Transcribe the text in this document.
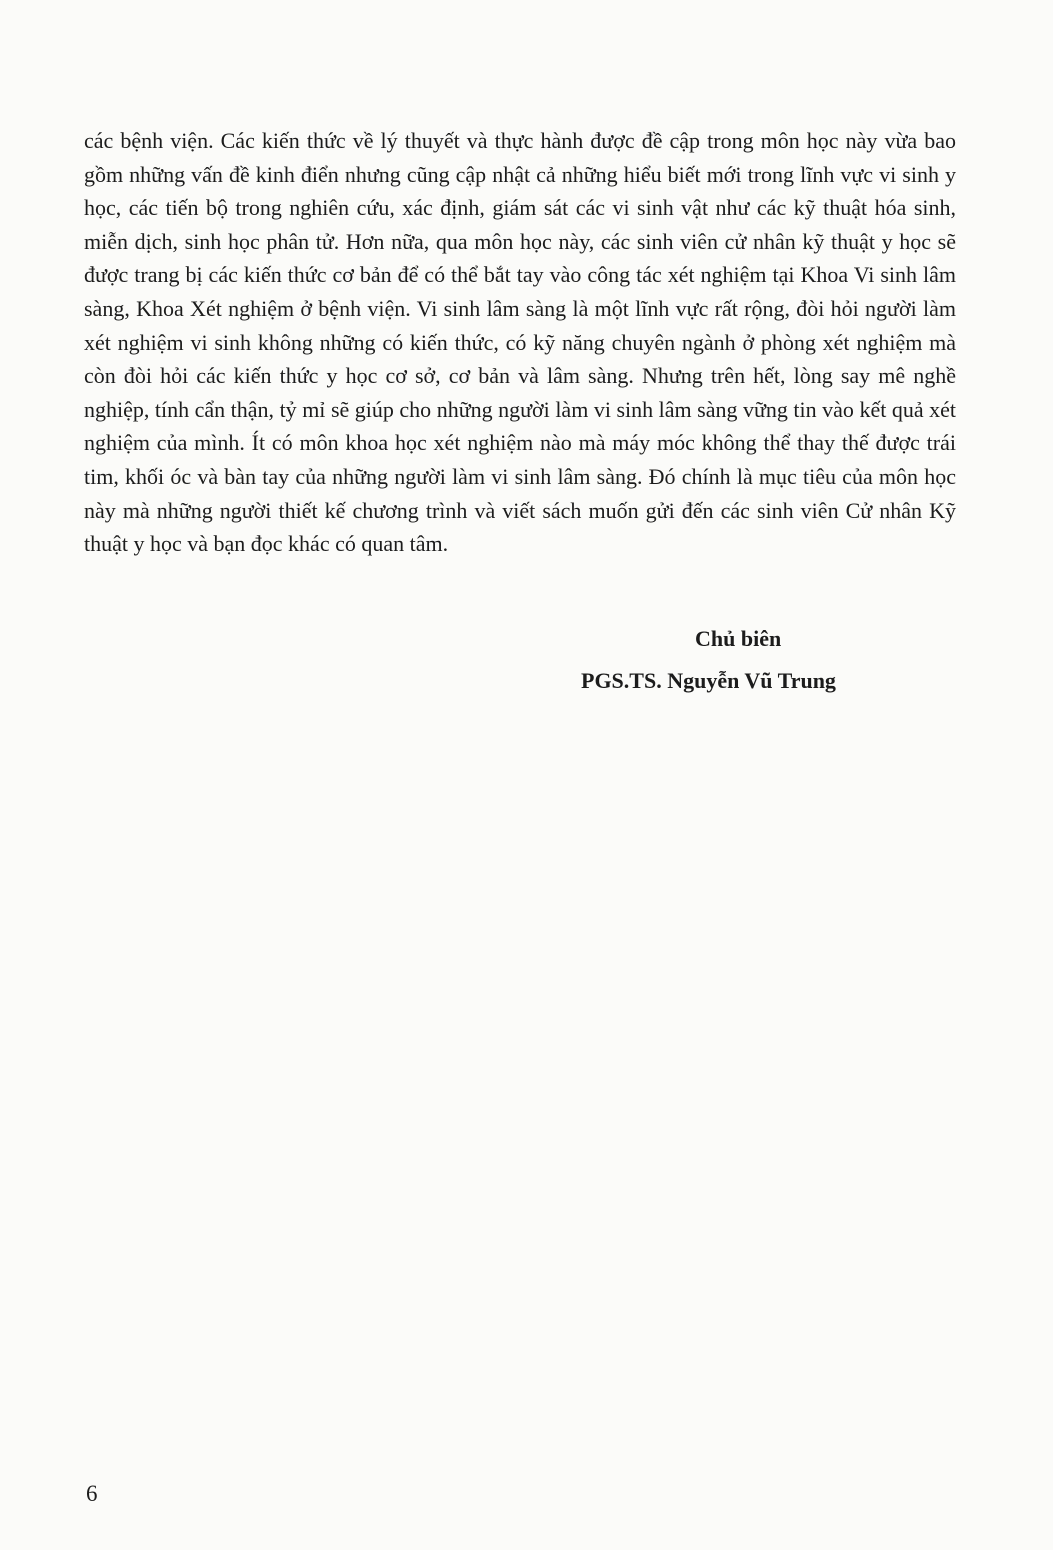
các bệnh viện. Các kiến thức về lý thuyết và thực hành được đề cập trong môn học này vừa bao gồm những vấn đề kinh điển nhưng cũng cập nhật cả những hiểu biết mới trong lĩnh vực vi sinh y học, các tiến bộ trong nghiên cứu, xác định, giám sát các vi sinh vật như các kỹ thuật hóa sinh, miễn dịch, sinh học phân tử. Hơn nữa, qua môn học này, các sinh viên cử nhân kỹ thuật y học sẽ được trang bị các kiến thức cơ bản để có thể bắt tay vào công tác xét nghiệm tại Khoa Vi sinh lâm sàng, Khoa Xét nghiệm ở bệnh viện. Vi sinh lâm sàng là một lĩnh vực rất rộng, đòi hỏi người làm xét nghiệm vi sinh không những có kiến thức, có kỹ năng chuyên ngành ở phòng xét nghiệm mà còn đòi hỏi các kiến thức y học cơ sở, cơ bản và lâm sàng. Nhưng trên hết, lòng say mê nghề nghiệp, tính cẩn thận, tỷ mỉ sẽ giúp cho những người làm vi sinh lâm sàng vững tin vào kết quả xét nghiệm của mình. Ít có môn khoa học xét nghiệm nào mà máy móc không thể thay thế được trái tim, khối óc và bàn tay của những người làm vi sinh lâm sàng. Đó chính là mục tiêu của môn học này mà những người thiết kế chương trình và viết sách muốn gửi đến các sinh viên Cử nhân Kỹ thuật y học và bạn đọc khác có quan tâm.

Chủ biên
PGS.TS. Nguyễn Vũ Trung
6
